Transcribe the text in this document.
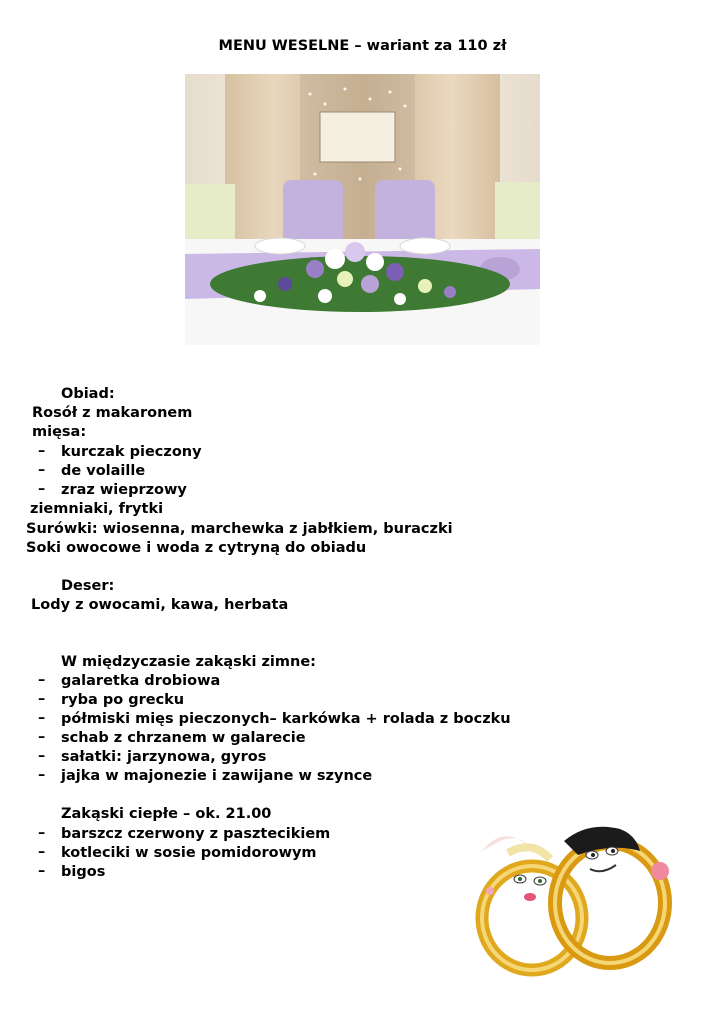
MENU WESELNE – wariant za 110 zł
Obiad:
Rosół z makaronem
mięsa:
– kurczak pieczony
– de volaille
– zraz wieprzowy
ziemniaki, frytki
Surówki: wiosenna, marchewka z jabłkiem, buraczki
Soki owocowe i woda z cytryną do obiadu
Deser:
Lody z owocami, kawa, herbata
W międzyczasie zakąski zimne:
– galaretka drobiowa
– ryba po grecku
– półmiski mięs pieczonych– karkówka + rolada z boczku
– schab z chrzanem w galarecie
– sałatki: jarzynowa, gyros
– jajka w majonezie i zawijane w szynce
Zakąski ciepłe – ok. 21.00
– barszcz czerwony z pasztecikiem
– kotleciki w sosie pomidorowym
– bigos
